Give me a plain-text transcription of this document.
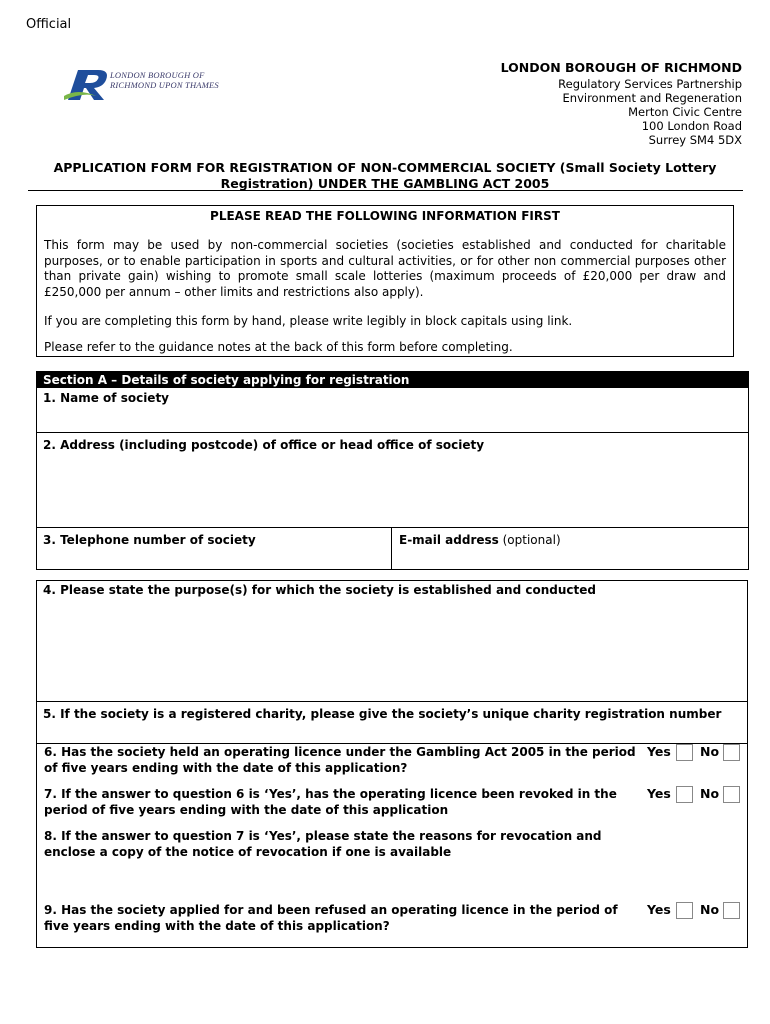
Official
LONDON BOROUGH OF
RICHMOND UPON THAMES
LONDON BOROUGH OF RICHMOND
Regulatory Services Partnership
Environment and Regeneration
Merton Civic Centre
100 London Road
Surrey SM4 5DX
APPLICATION FORM FOR REGISTRATION OF NON-COMMERCIAL SOCIETY (Small Society Lottery
Registration) UNDER THE GAMBLING ACT 2005
PLEASE READ THE FOLLOWING INFORMATION FIRST
This form may be used by non-commercial societies (societies established and conducted for charitable purposes, or to enable participation in sports and cultural activities, or for other non commercial purposes other than private gain) wishing to promote small scale lotteries (maximum proceeds of £20,000 per draw and £250,000 per annum – other limits and restrictions also apply).
If you are completing this form by hand, please write legibly in block capitals using link.
Please refer to the guidance notes at the back of this form before completing.
Section A – Details of society applying for registration
1. Name of society
2. Address (including postcode) of office or head office of society
3. Telephone number of society	E-mail address (optional)
4. Please state the purpose(s) for which the society is established and conducted
5. If the society is a registered charity, please give the society’s unique charity registration number
6. Has the society held an operating licence under the Gambling Act 2005 in the period of five years ending with the date of this application?
Yes No
7. If the answer to question 6 is ‘Yes’, has the operating licence been revoked in the period of five years ending with the date of this application
Yes No
8. If the answer to question 7 is ‘Yes’, please state the reasons for revocation and enclose a copy of the notice of revocation if one is available
9. Has the society applied for and been refused an operating licence in the period of five years ending with the date of this application?
Yes No
